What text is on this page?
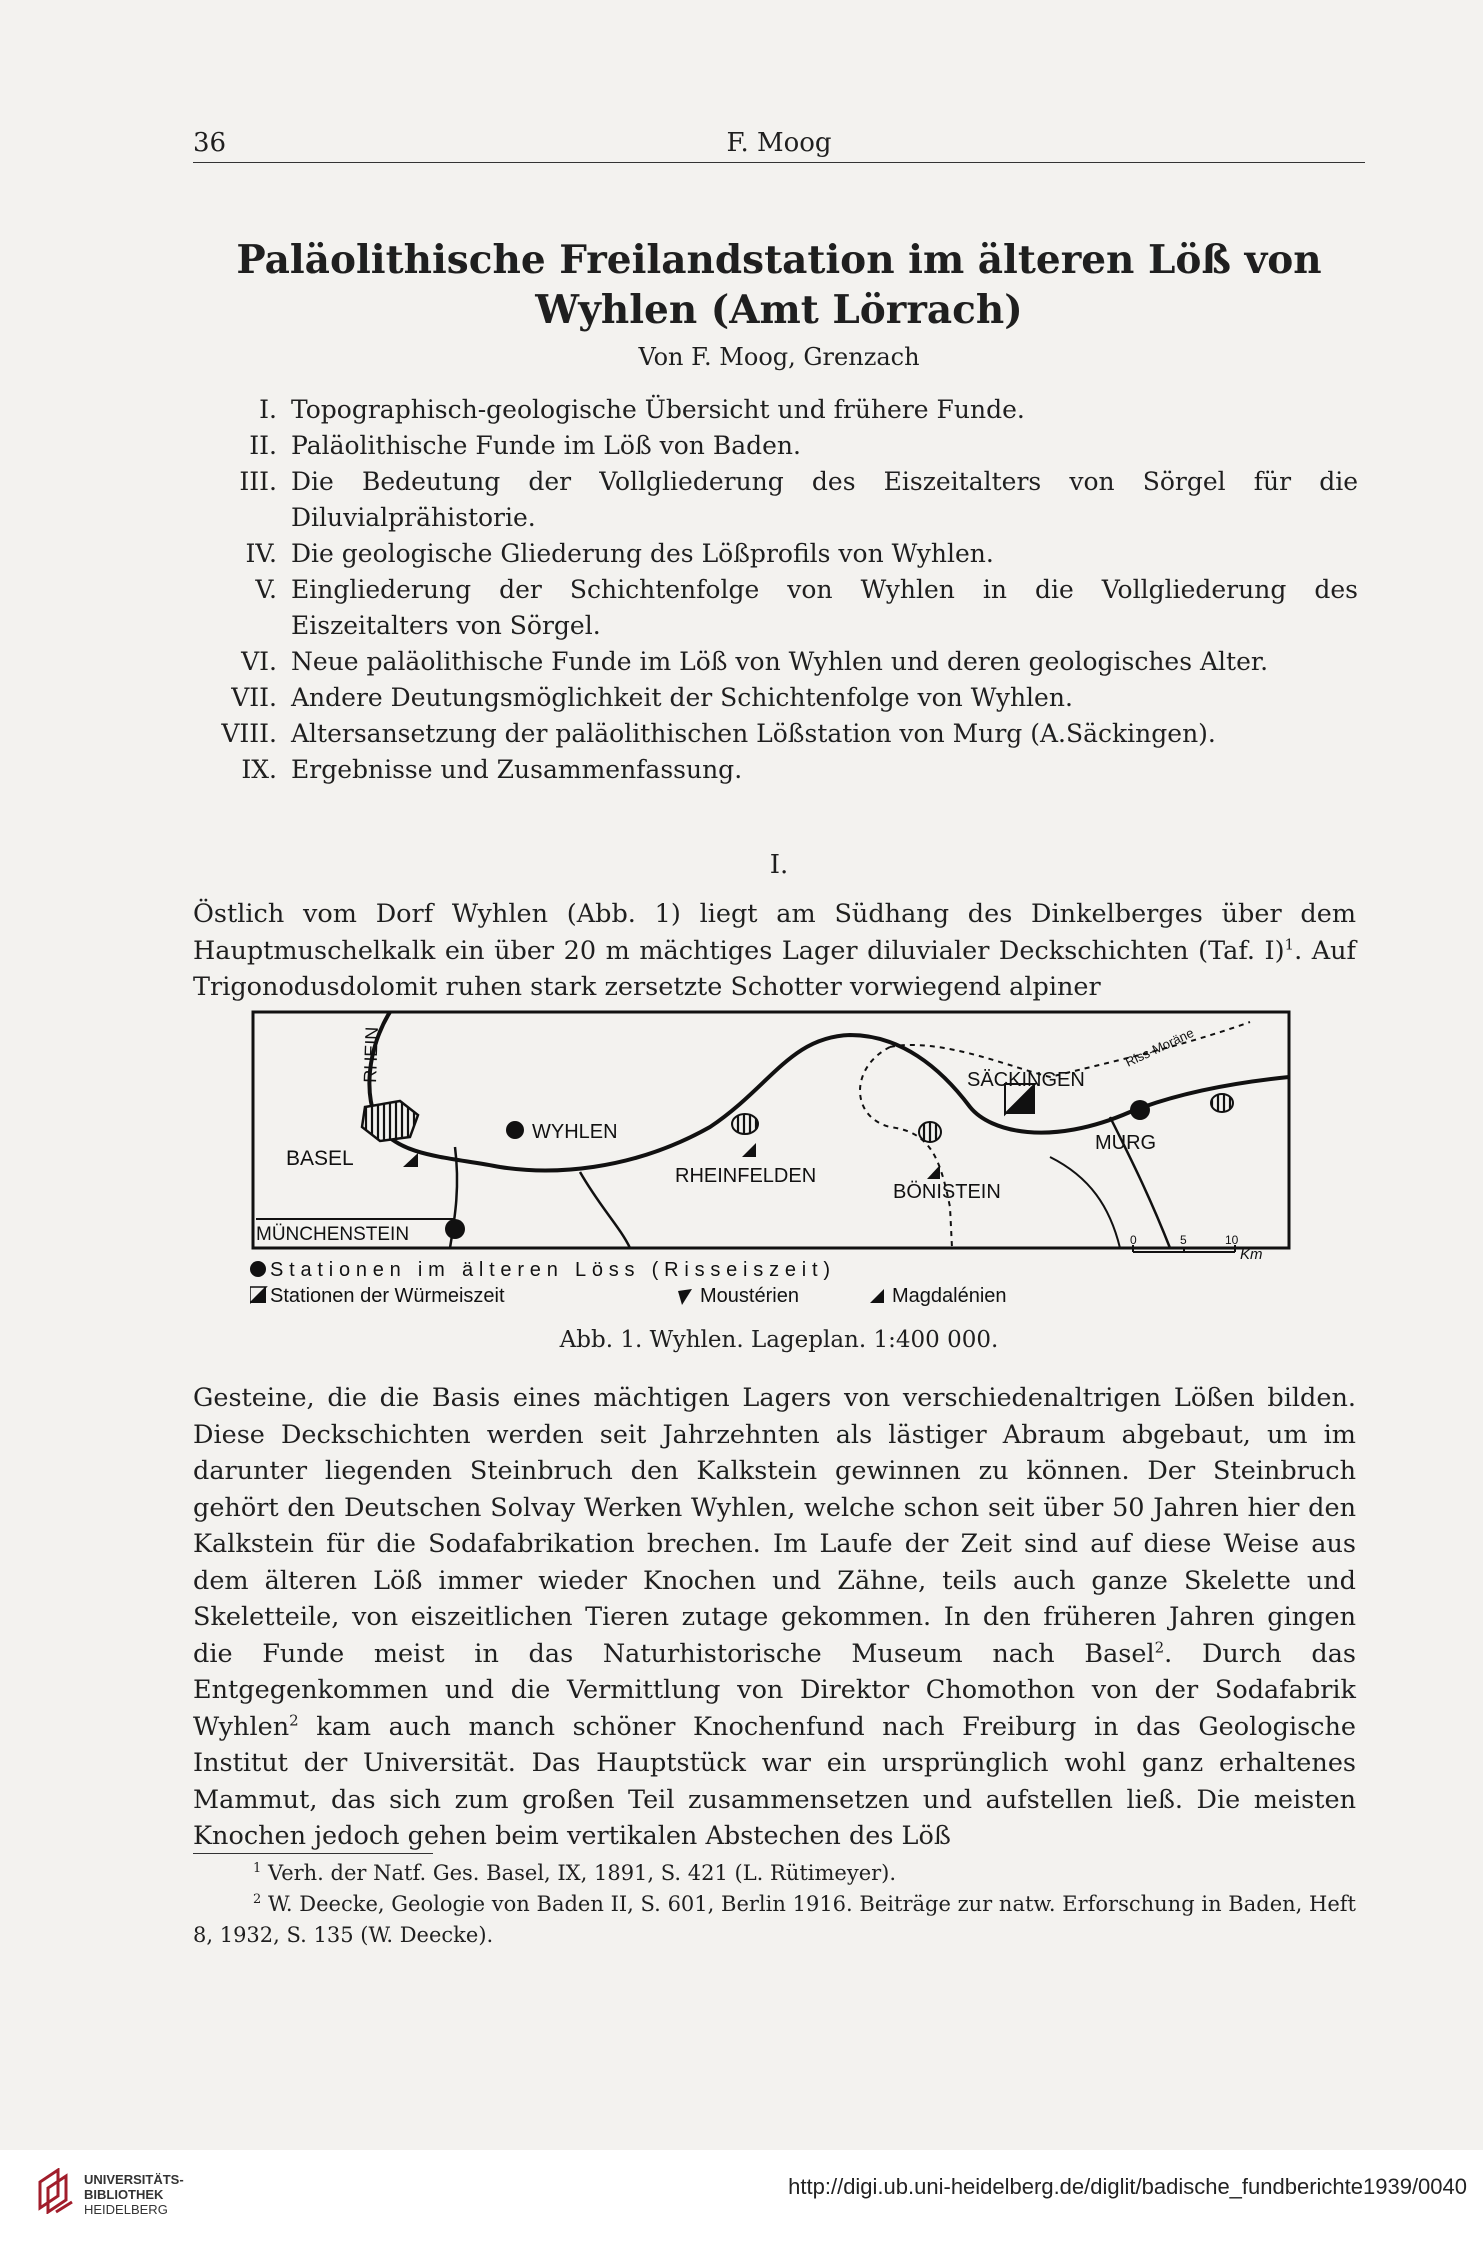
36	F. Moog
Paläolithische Freilandstation im älteren Löß von Wyhlen (Amt Lörrach)
Von F. Moog, Grenzach
I. Topographisch-geologische Übersicht und frühere Funde.
II. Paläolithische Funde im Löß von Baden.
III. Die Bedeutung der Vollgliederung des Eiszeitalters von Sörgel für die Diluvialprähistorie.
IV. Die geologische Gliederung des Lößprofils von Wyhlen.
V. Eingliederung der Schichtenfolge von Wyhlen in die Vollgliederung des Eiszeitalters von Sörgel.
VI. Neue paläolithische Funde im Löß von Wyhlen und deren geologisches Alter.
VII. Andere Deutungsmöglichkeit der Schichtenfolge von Wyhlen.
VIII. Altersansetzung der paläolithischen Lößstation von Murg (A.Säckingen).
IX. Ergebnisse und Zusammenfassung.
I.
Östlich vom Dorf Wyhlen (Abb. 1) liegt am Südhang des Dinkelberges über dem Hauptmuschelkalk ein über 20 m mächtiges Lager diluvialer Deckschichten (Taf. I)$^1$. Auf Trigonodusdolomit ruhen stark zersetzte Schotter vorwiegend alpiner
RHEIN
BASEL
WYHLEN
RHEINFELDEN
SÄCKINGEN
BÖNISTEIN
MURG
MÜNCHENSTEIN
Riss-Moräne
0	5	10
Km
Stationen im älteren Löss (Risseiszeit)
Stationen der Würmeiszeit	Moustérien	Magdalénien
Abb. 1. Wyhlen. Lageplan. 1:400 000.
Gesteine, die die Basis eines mächtigen Lagers von verschiedenaltrigen Lößen bilden. Diese Deckschichten werden seit Jahrzehnten als lästiger Abraum abgebaut, um im darunter liegenden Steinbruch den Kalkstein gewinnen zu können. Der Steinbruch gehört den Deutschen Solvay Werken Wyhlen, welche schon seit über 50 Jahren hier den Kalkstein für die Sodafabrikation brechen. Im Laufe der Zeit sind auf diese Weise aus dem älteren Löß immer wieder Knochen und Zähne, teils auch ganze Skelette und Skeletteile, von eiszeitlichen Tieren zutage gekommen. In den früheren Jahren gingen die Funde meist in das Naturhistorische Museum nach Basel$^2$. Durch das Entgegenkommen und die Vermittlung von Direktor Chomothon von der Sodafabrik Wyhlen$^2$ kam auch manch schöner Knochenfund nach Freiburg in das Geologische Institut der Universität. Das Hauptstück war ein ursprünglich wohl ganz erhaltenes Mammut, das sich zum großen Teil zusammensetzen und aufstellen ließ. Die meisten Knochen jedoch gehen beim vertikalen Abstechen des Löß
$^1$ Verh. der Natf. Ges. Basel, IX, 1891, S. 421 (L. Rütimeyer).
$^2$ W. Deecke, Geologie von Baden II, S. 601, Berlin 1916. Beiträge zur natw. Erforschung in Baden, Heft 8, 1932, S. 135 (W. Deecke).
UNIVERSITÄTS-
BIBLIOTHEK
HEIDELBERG
http://digi.ub.uni-heidelberg.de/diglit/badische_fundberichte1939/0040
